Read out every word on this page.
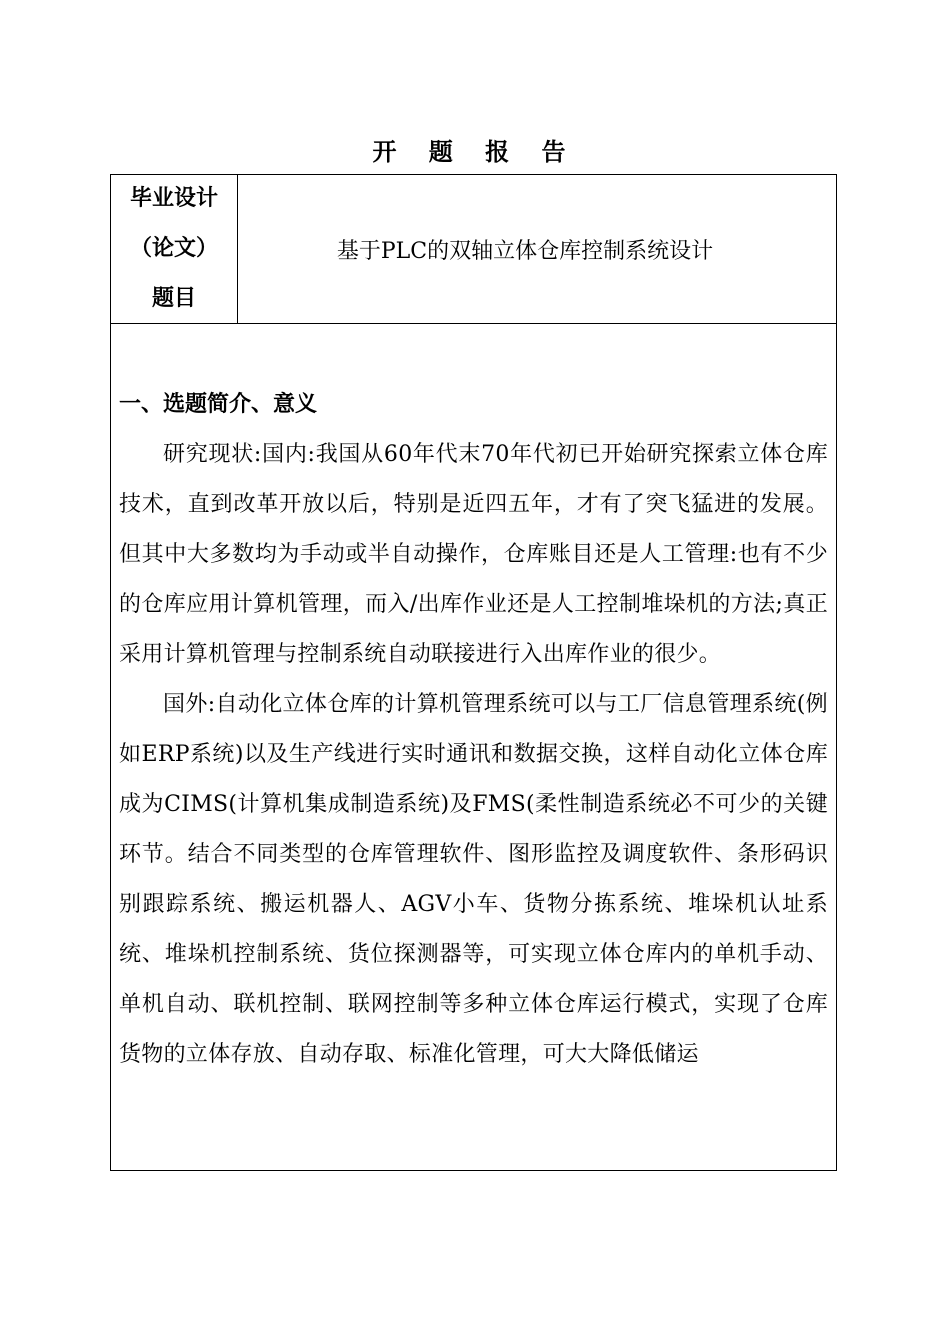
开 题 报 告
毕业设计
（论文）
题目
基于PLC的双轴立体仓库控制系统设计

一、选题简介、意义

研究现状:国内:我国从60年代末70年代初已开始研究探索立体仓库技术，直到改革开放以后，特别是近四五年，才有了突飞猛进的发展。但其中大多数均为手动或半自动操作，仓库账目还是人工管理:也有不少的仓库应用计算机管理，而入/出库作业还是人工控制堆垛机的方法;真正采用计算机管理与控制系统自动联接进行入出库作业的很少。

国外:自动化立体仓库的计算机管理系统可以与工厂信息管理系统(例如ERP系统)以及生产线进行实时通讯和数据交换，这样自动化立体仓库成为CIMS(计算机集成制造系统)及FMS(柔性制造系统必不可少的关键环节。结合不同类型的仓库管理软件、图形监控及调度软件、条形码识别跟踪系统、搬运机器人、AGV小车、货物分拣系统、堆垛机认址系统、堆垛机控制系统、货位探测器等，可实现立体仓库内的单机手动、单机自动、联机控制、联网控制等多种立体仓库运行模式，实现了仓库货物的立体存放、自动存取、标准化管理，可大大降低储运
